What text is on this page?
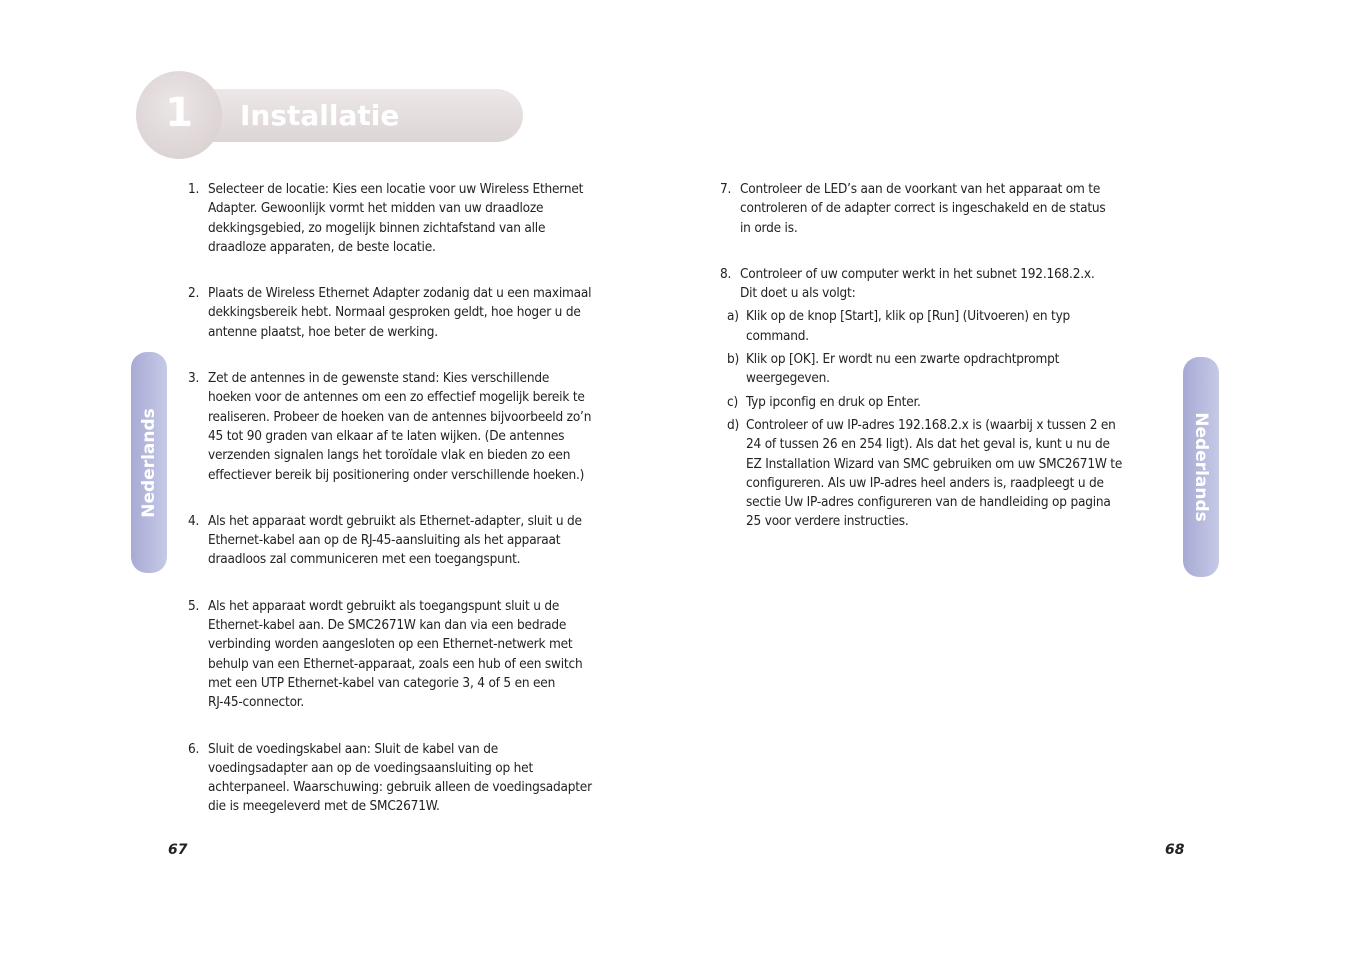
1	Installatie
Nederlands	Nederlands
1. Selecteer de locatie: Kies een locatie voor uw Wireless Ethernet
Adapter. Gewoonlijk vormt het midden van uw draadloze
dekkingsgebied, zo mogelijk binnen zichtafstand van alle
draadloze apparaten, de beste locatie.
2. Plaats de Wireless Ethernet Adapter zodanig dat u een maximaal
dekkingsbereik hebt. Normaal gesproken geldt, hoe hoger u de
antenne plaatst, hoe beter de werking.
3. Zet de antennes in de gewenste stand: Kies verschillende
hoeken voor de antennes om een zo effectief mogelijk bereik te
realiseren. Probeer de hoeken van de antennes bijvoorbeeld zo’n
45 tot 90 graden van elkaar af te laten wijken. (De antennes
verzenden signalen langs het toroïdale vlak en bieden zo een
effectiever bereik bij positionering onder verschillende hoeken.)
4. Als het apparaat wordt gebruikt als Ethernet-adapter, sluit u de
Ethernet-kabel aan op de RJ-45-aansluiting als het apparaat
draadloos zal communiceren met een toegangspunt.
5. Als het apparaat wordt gebruikt als toegangspunt sluit u de
Ethernet-kabel aan. De SMC2671W kan dan via een bedrade
verbinding worden aangesloten op een Ethernet-netwerk met
behulp van een Ethernet-apparaat, zoals een hub of een switch
met een UTP Ethernet-kabel van categorie 3, 4 of 5 en een
RJ-45-connector.
6. Sluit de voedingskabel aan: Sluit de kabel van de
voedingsadapter aan op de voedingsaansluiting op het
achterpaneel. Waarschuwing: gebruik alleen de voedingsadapter
die is meegeleverd met de SMC2671W.
7. Controleer de LED’s aan de voorkant van het apparaat om te
controleren of de adapter correct is ingeschakeld en de status
in orde is.
8. Controleer of uw computer werkt in het subnet 192.168.2.x.
Dit doet u als volgt:
a) Klik op de knop [Start], klik op [Run] (Uitvoeren) en typ
command.
b) Klik op [OK]. Er wordt nu een zwarte opdrachtprompt
weergegeven.
c) Typ ipconfig en druk op Enter.
d) Controleer of uw IP-adres 192.168.2.x is (waarbij x tussen 2 en
24 of tussen 26 en 254 ligt). Als dat het geval is, kunt u nu de
EZ Installation Wizard van SMC gebruiken om uw SMC2671W te
configureren. Als uw IP-adres heel anders is, raadpleegt u de
sectie Uw IP-adres configureren van de handleiding op pagina
25 voor verdere instructies.
67	68
